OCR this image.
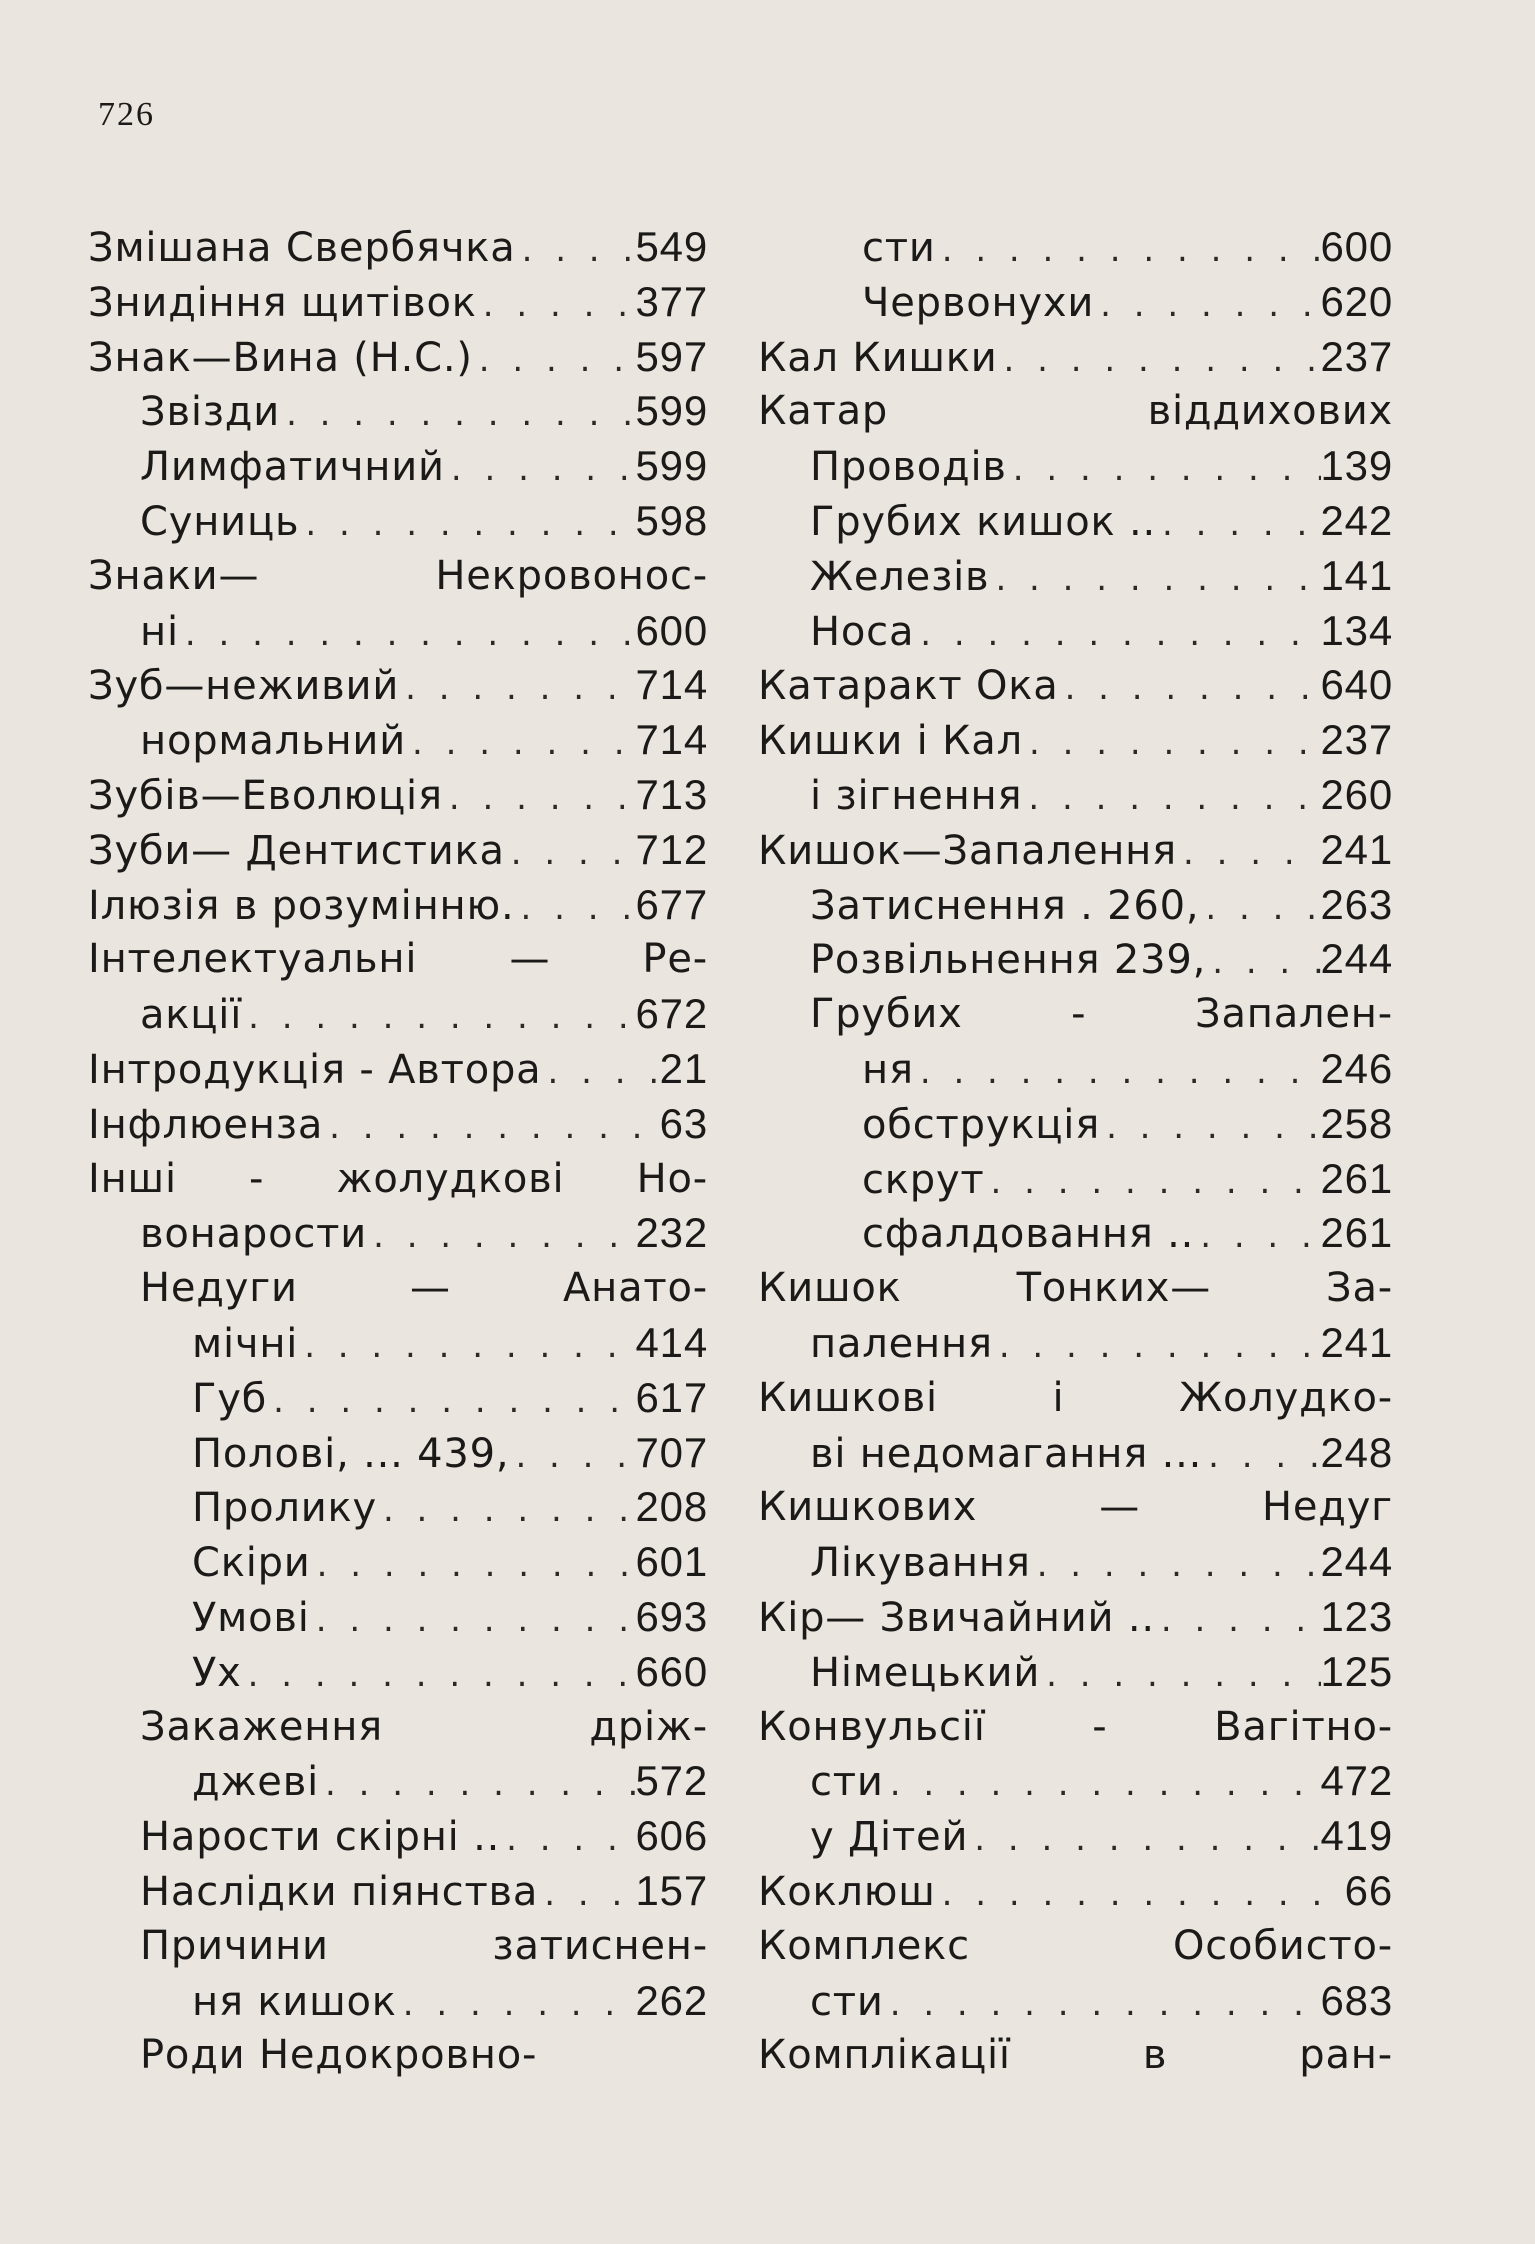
726
Змішана Свербячка . . .	549
Знидіння щитівок . . .	377
Знак—Вина (Н.С.) . . .	597
Звізди . . .	599
Лимфатичний . . .	599
Суниць . . .	598
Знаки— Некровонос-
ні . . .	600
Зуб—неживий . . .	714
нормальний . . .	714
Зубів—Еволюція . . .	713
Зуби— Дентистика . . .	712
Ілюзія в розумінню. . . .	677
Інтелектуальні — Ре-
акції . . .	672
Інтродукція - Автора . . .	21
Інфлюенза . . .	63
Інші - жолудкові Но-
вонарости . . .	232
Недуги — Анато-
мічні . . .	414
Губ . . .	617
Полові, ... 439, . . .	707
Пролику . . .	208
Скіри . . .	601
Умові . . .	693
Ух . . .	660
Закаження дріж-
джеві . . .	572
Нарости скірні .. . . .	606
Наслідки піянства . . . 157
Причини затиснен-
ня кишок . . .	262
Роди Недокровно-
сти . . .	600
Червонухи . . .	620
Кал Кишки . . .	237
Катар віддихових
Проводів . . .	139
Грубих кишок .. . . .	242
Железів . . .	141
Носа . . .	134
Катаракт Ока . . .	640
Кишки і Кал . . .	237
і зігнення . . .	260
Кишок—Запалення . . .	241
Затиснення . 260, . . .	263
Розвільнення 239, . . .	244
Грубих - Запален-
ня . . .	246
обструкція . . .	258
скрут . . .	261
сфалдовання .. . . .	261
Кишок Тонких— За-
палення . . .	241
Кишкові і Жолудко-
ві недомагання ... . . .	248
Кишкових — Недуг
Лікування . . .	244
Кір— Звичайний .. . . .	123
Німецький . . .	125
Конвульсії - Вагітно-
сти . . .	472
у Дітей . . .	419
Коклюш . . .	66
Комплекс Особисто-
сти . . .	683
Комплікації в ран-
